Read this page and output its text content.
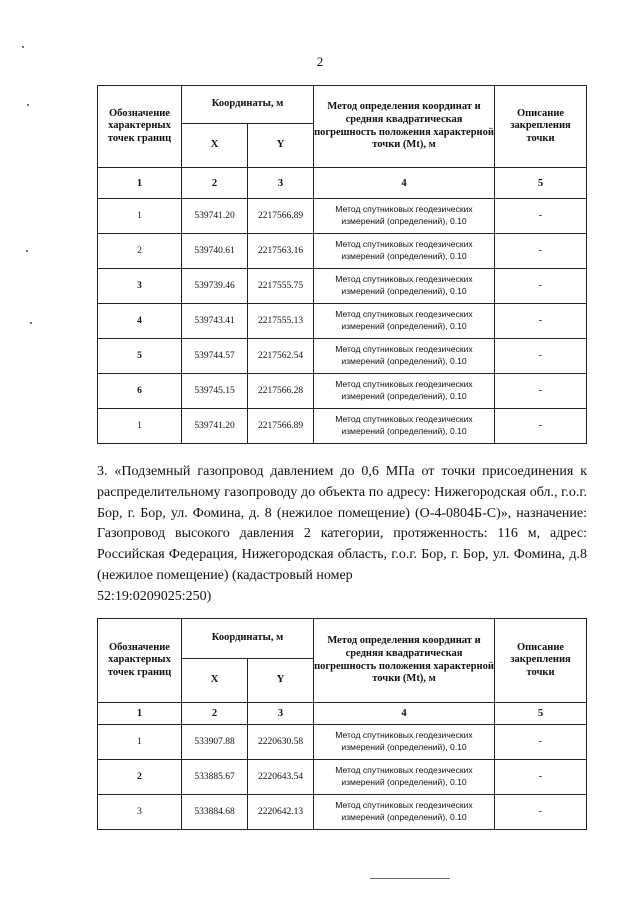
2
Обозначение характерных точек границ	Координаты, м		Метод определения координат и средняя квадратическая погрешность положения характерной точки (Mt), м	Описание закрепления точки
	X	Y		
1	2	3	4	5
1	539741.20	2217566.89	Метод спутниковых геодезических измерений (определений), 0.10	-
2	539740.61	2217563.16	Метод спутниковых геодезических измерений (определений), 0.10	-
3	539739.46	2217555.75	Метод спутниковых геодезических измерений (определений), 0.10	-
4	539743.41	2217555.13	Метод спутниковых геодезических измерений (определений), 0.10	-
5	539744.57	2217562.54	Метод спутниковых геодезических измерений (определений), 0.10	-
6	539745.15	2217566.28	Метод спутниковых геодезических измерений (определений), 0.10	-
1	539741.20	2217566.89	Метод спутниковых геодезических измерений (определений), 0.10	-
3. «Подземный газопровод давлением до 0,6 МПа от точки присоединения к распределительному газопроводу до объекта по адресу: Нижегородская обл., г.о.г. Бор, г. Бор, ул. Фомина, д. 8 (нежилое помещение) (О-4-0804Б-С)», назначение: Газопровод высокого давления 2 категории, протяженность: 116 м, адрес: Российская Федерация, Нижегородская область, г.о.г. Бор, г. Бор, ул. Фомина, д.8 (нежилое помещение) (кадастровый номер
52:19:0209025:250)
Обозначение характерных точек границ	Координаты, м		Метод определения координат и средняя квадратическая погрешность положения характерной точки (Mt), м	Описание закрепления точки
	X	Y		
1	2	3	4	5
1	533907.88	2220630.58	Метод спутниковых геодезических измерений (определений), 0.10	-
2	533885.67	2220643.54	Метод спутниковых геодезических измерений (определений), 0.10	-
3	533884.68	2220642.13	Метод спутниковых геодезических измерений (определений), 0.10	-
